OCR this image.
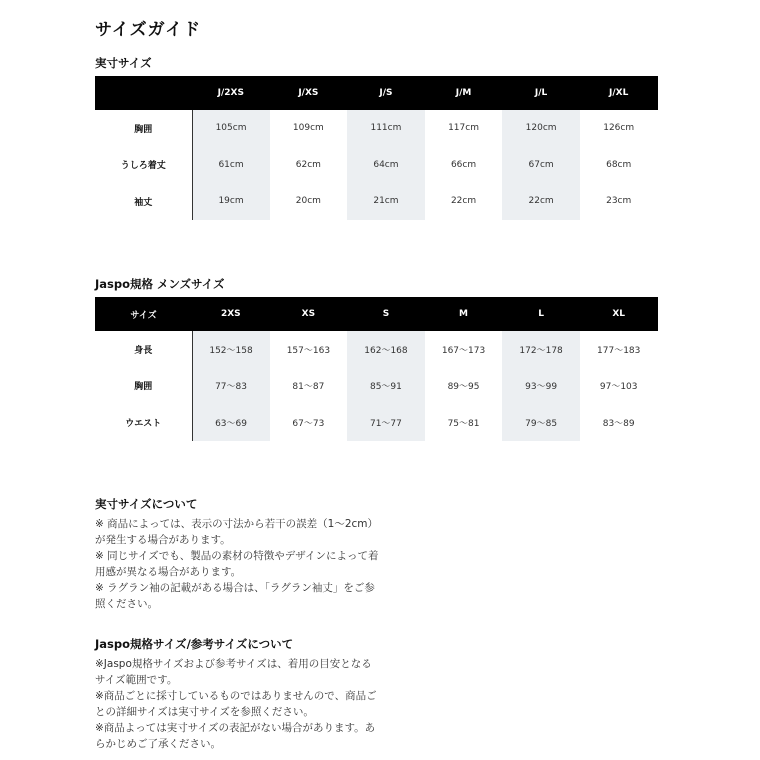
サイズガイド
実寸サイズ
	J/2XS	J/XS	J/S	J/M	J/L	J/XL
胸囲	105cm	109cm	111cm	117cm	120cm	126cm
うしろ着丈	61cm	62cm	64cm	66cm	67cm	68cm
袖丈	19cm	20cm	21cm	22cm	22cm	23cm
Jaspo規格 メンズサイズ
サイズ	2XS	XS	S	M	L	XL
身長	152〜158	157〜163	162〜168	167〜173	172〜178	177〜183
胸囲	77〜83	81〜87	85〜91	89〜95	93〜99	97〜103
ウエスト	63〜69	67〜73	71〜77	75〜81	79〜85	83〜89
実寸サイズについて
※ 商品によっては、表示の寸法から若干の誤差（1〜2cm）
が発生する場合があります。
※ 同じサイズでも、製品の素材の特徴やデザインによって着
用感が異なる場合があります。
※ ラグラン袖の記載がある場合は、「ラグラン袖丈」をご参
照ください。
Jaspo規格サイズ/参考サイズについて
※Jaspo規格サイズおよび参考サイズは、着用の目安となる
サイズ範囲です。
※商品ごとに採寸しているものではありませんので、商品ご
との詳細サイズは実寸サイズを参照ください。
※商品よっては実寸サイズの表記がない場合があります。あ
らかじめご了承ください。
